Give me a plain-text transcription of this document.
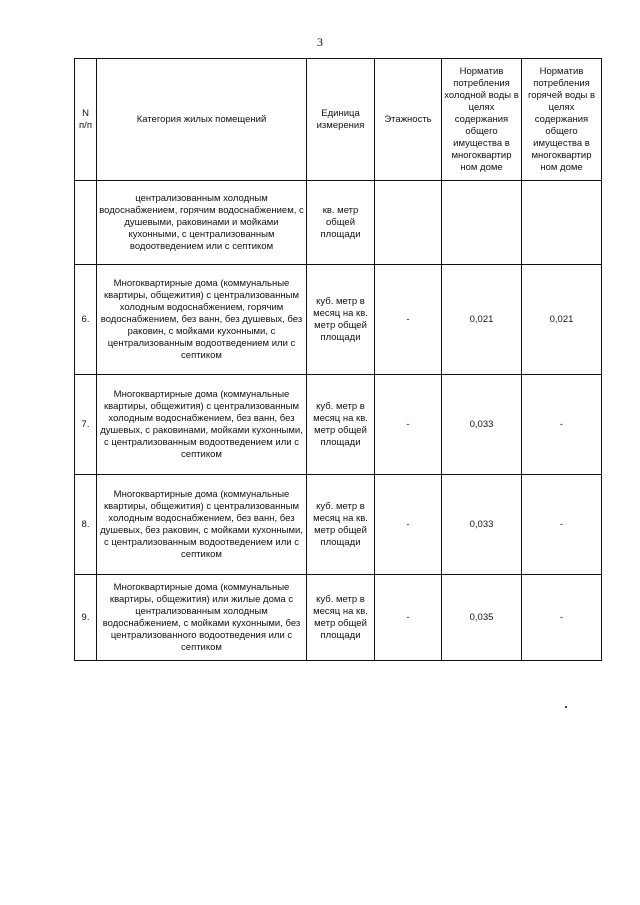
3
N п/п	Категория жилых помещений	Единица измерения	Этажность	Норматив потребления холодной воды в целях содержания общего имущества в многоквартир ном доме	Норматив потребления горячей воды в целях содержания общего имущества в многоквартир ном доме
	централизованным холодным водоснабжением, горячим водоснабжением, с душевыми, раковинами и мойками кухонными, с централизованным водоотведением или с септиком	кв. метр общей площади			
6.	Многоквартирные дома (коммунальные квартиры, общежития) с централизованным холодным водоснабжением, горячим водоснабжением, без ванн, без душевых, без раковин, с мойками кухонными, с централизованным водоотведением или с септиком	куб. метр в месяц на кв. метр общей площади	-	0,021	0,021
7.	Многоквартирные дома (коммунальные квартиры, общежития) с централизованным холодным водоснабжением, без ванн, без душевых, с раковинами, мойками кухонными, с централизованным водоотведением или с септиком	куб. метр в месяц на кв. метр общей площади	-	0,033	-
8.	Многоквартирные дома (коммунальные квартиры, общежития) с централизованным холодным водоснабжением, без ванн, без душевых, без раковин, с мойками кухонными, с централизованным водоотведением или с септиком	куб. метр в месяц на кв. метр общей площади	-	0,033	-
9.	Многоквартирные дома (коммунальные квартиры, общежития) или жилые дома с централизованным холодным водоснабжением, с мойками кухонными, без централизованного водоотведения или с септиком	куб. метр в месяц на кв. метр общей площади	-	0,035	-
